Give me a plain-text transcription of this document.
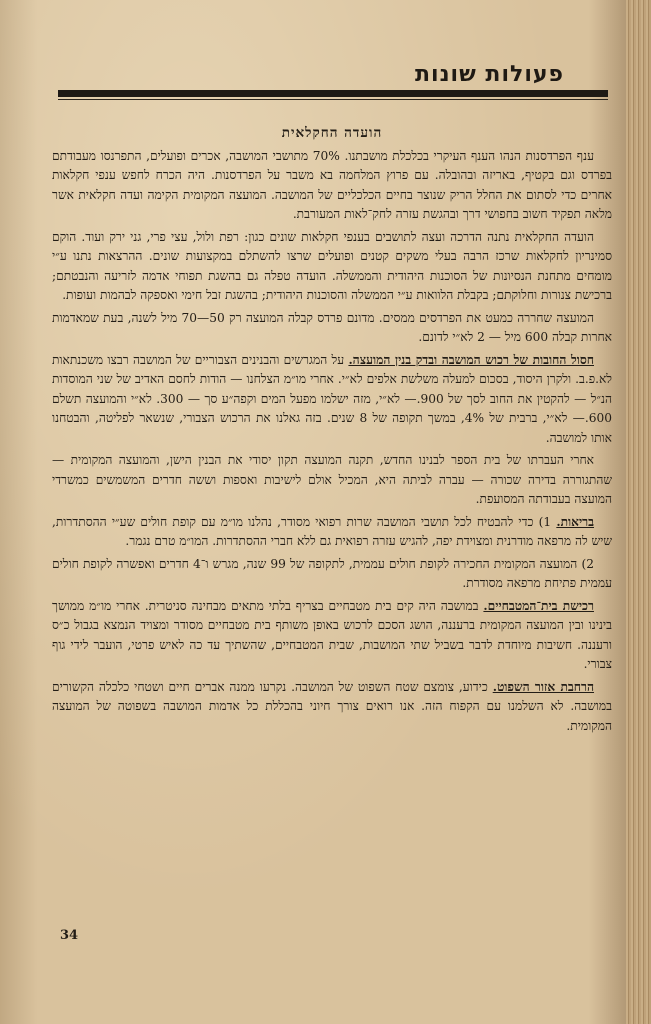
פעולות שונות
הועדה החקלאית

ענף הפרדסנות הנהו הענף העיקרי בכלכלת מושבתנו. 70% מתושבי המושבה, אכרים ופועלים, התפרנסו מעבודתם בפרדס וגם בקטיף, באריזה ובהובלה. עם פרוץ המלחמה בא משבר על הפרדסנות. היה הכרח לחפש ענפי חקלאות אחרים כדי לסתום את החלל הריק שנוצר בחיים הכלכליים של המושבה. המועצה המקומית הקימה ועדה חקלאית אשר מלאה תפקיד חשוב בחפושי דרך ובהגשת עזרה לחק־לאות המעורבת.

הועדה החקלאית נתנה הדרכה ועצה לתושבים בענפי חקלאות שונים כגון: רפת ולול, עצי פרי, גני ירק ועוד. הוקם סמינריון לחקלאות שרכז הרבה בעלי משקים קטנים ופועלים שרצו להשתלם במקצועות שונים. ההרצאות נתנו ע״י מומחים מתחנת הנסיונות של הסוכנות היהודית והממשלה. הועדה טפלה גם בהשגת תפוחי אדמה לזריעה והנבטתם; ברכישת צנורות וחלוקתם; בקבלת הלוואות ע״י הממשלה והסוכנות היהודית; בהשגת זבל חימי ואספקה לבהמות ועופות.

המועצה שחררה כמעט את הפרדסים ממסים. מדונם פרדס קבלה המועצה רק 50—70 מיל לשנה, בעת שמאדמות אחרות קבלה 600 מיל — 2 לא״י לדונם.

חסול החובות של רכוש המושבה ובדק בנין המועצה. על המגרשים והבנינים הצבוריים של המושבה רבצו משכנתאות לא.פ.ב. ולקרן היסוד, בסכום למעלה משלשת אלפים לא״י. אחרי מו״מ הצלחנו — הודות לחסם האדיב של שני המוסדות הנ״ל — להקטין את החוב לסך של 900.— לא״י, מזה ישלמו מפעל המים וקפה״ע סך — 300. לא״י והמועצה תשלם 600.— לא״י, ברבית של 4%, במשך תקופה של 8 שנים. בזה גאלנו את הרכוש הצבורי, שנשאר לפליטה, והבטחנו אותו למושבה.

אחרי העברתו של בית הספר לבנינו החדש, תקנה המועצה תקון יסודי את הבנין הישן, והמועצה המקומית — שהתגוררה בדירה שכורה — עברה לביתה היא, המכיל אולם לישיבות ואספות וששה חדרים המשמשים כמשרדי המועצה בעבודתה המסועפת.

בריאות. 1) כדי להבטיח לכל תושבי המושבה שרות רפואי מסודר, נהלנו מו״מ עם קופת חולים שע״י ההסתדרות, שיש לה מרפאה מודרנית ומצוידת יפה, להגיש עזרה רפואית גם ללא חברי ההסתדרות. המו״מ טרם נגמר.

2) המועצה המקומית החכירה לקופת חולים עממית, לתקופה של 99 שנה, מגרש ו־4 חדרים ואפשרה לקופת חולים עממית פתיחת מרפאה מסודרת.

רכישת בית־המטבחיים. במושבה היה קים בית מטבחיים בצריף בלתי מתאים מבחינה סניטרית. אחרי מו״מ ממושך בינינו ובין המועצה המקומית ברעננה, הושג הסכם לרכוש באופן משותף בית מטבחיים מסודר ומצויד הנמצא בגבול כ״ס ורעננה. חשיבות מיוחדת לדבר בשביל שתי המושבות, שבית המטבחיים, שהשתיך עד כה לאיש פרטי, הועבר לידי גוף צבורי.

הרחבת אזור השפוט. כידוע, צומצם שטח השפוט של המושבה. נקרעו ממנה אברים חיים ושטחי כלכלה הקשורים במושבה. לא השלמנו עם הקפוח הזה. אנו רואים צורך חיוני בהכללת כל אדמות המושבה בשפוטה של המועצה המקומית.

34
